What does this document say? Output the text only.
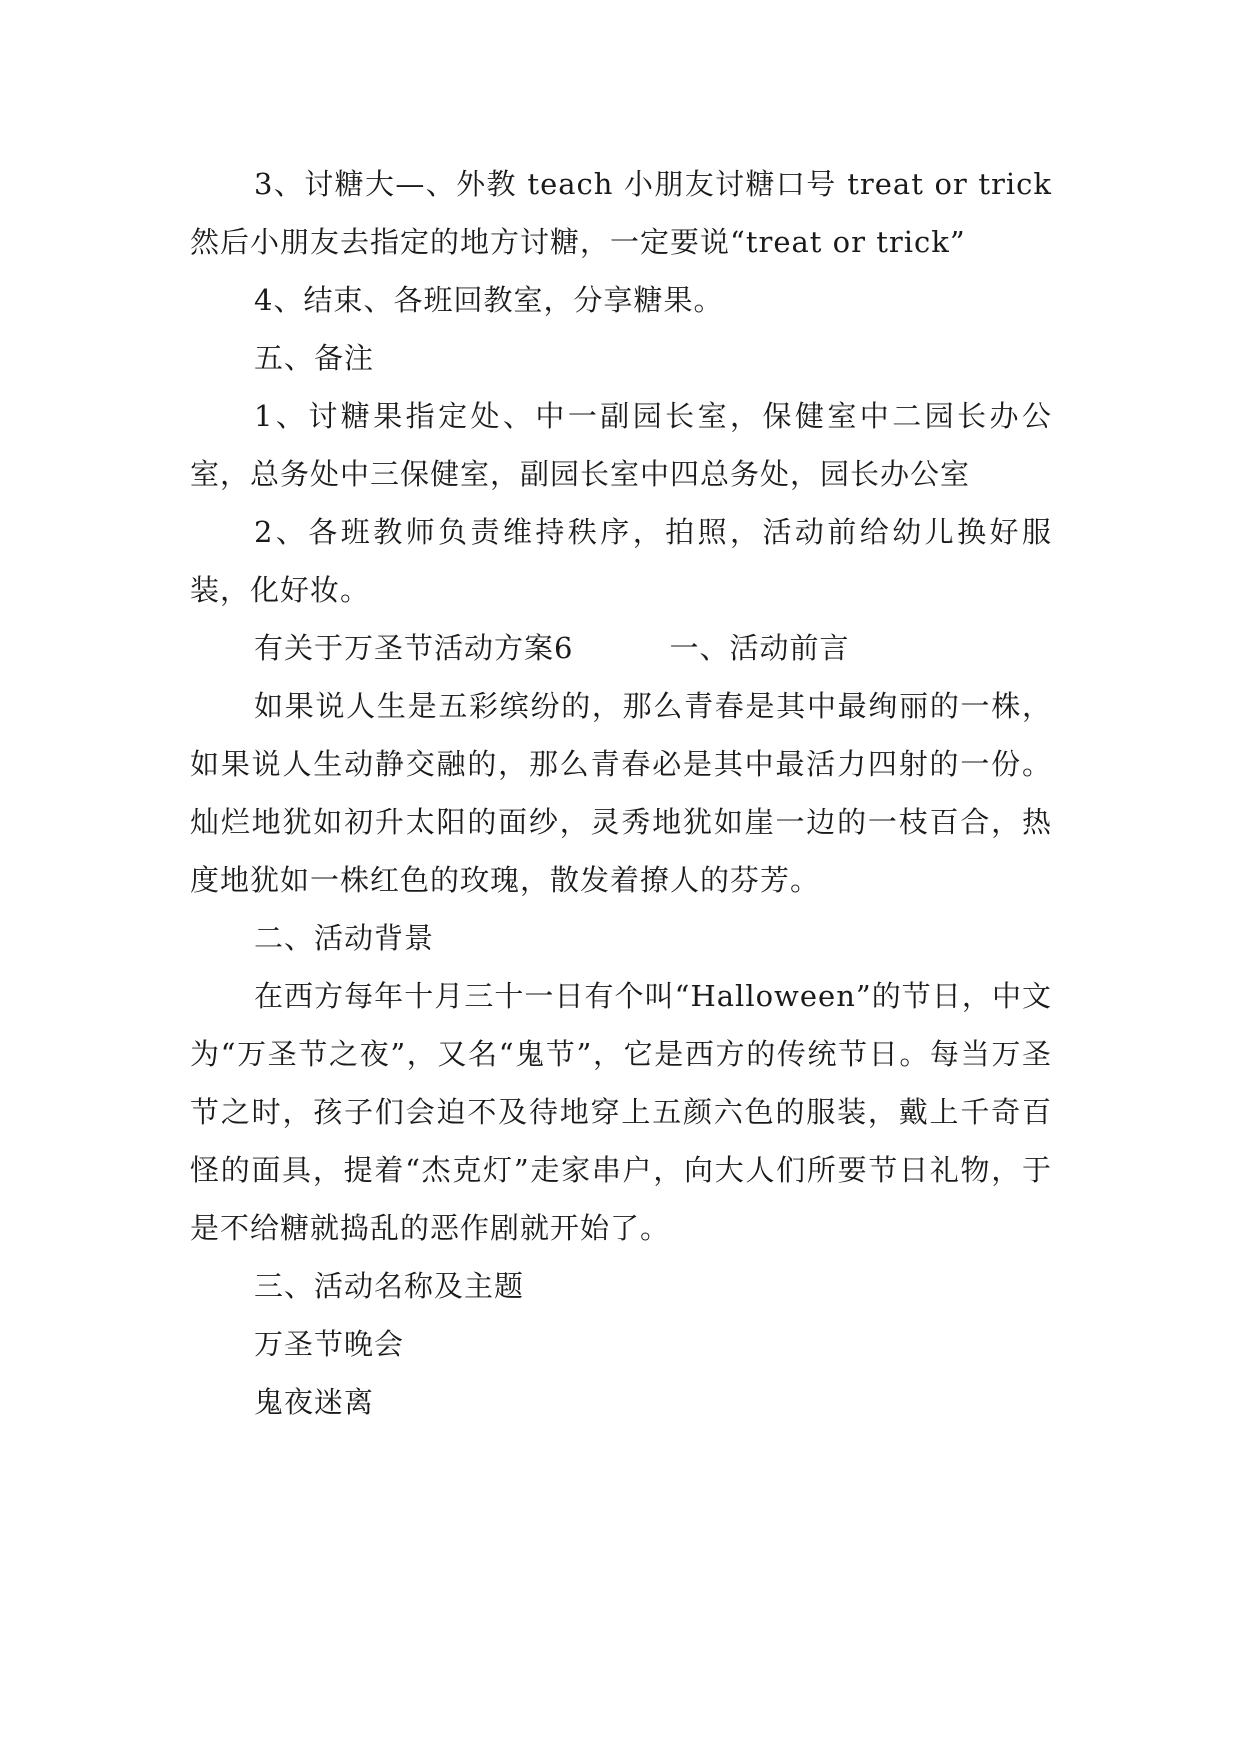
3、讨糖大—、外教 teach 小朋友讨糖口号 treat or trick 然后小朋友去指定的地方讨糖，一定要说“treat or trick”

4、结束、各班回教室，分享糖果。

五、备注

1、讨糖果指定处、中一副园长室，保健室中二园长办公室，总务处中三保健室，副园长室中四总务处，园长办公室

2、各班教师负责维持秩序，拍照，活动前给幼儿换好服装，化好妆。

有关于万圣节活动方案6	一、活动前言

如果说人生是五彩缤纷的，那么青春是其中最绚丽的一株，如果说人生动静交融的，那么青春必是其中最活力四射的一份。灿烂地犹如初升太阳的面纱，灵秀地犹如崖一边的一枝百合，热度地犹如一株红色的玫瑰，散发着撩人的芬芳。

二、活动背景

在西方每年十月三十一日有个叫“Halloween”的节日，中文为“万圣节之夜”，又名“鬼节”，它是西方的传统节日。每当万圣节之时，孩子们会迫不及待地穿上五颜六色的服装，戴上千奇百怪的面具，提着“杰克灯”走家串户，向大人们所要节日礼物，于是不给糖就捣乱的恶作剧就开始了。

三、活动名称及主题

万圣节晚会

鬼夜迷离
